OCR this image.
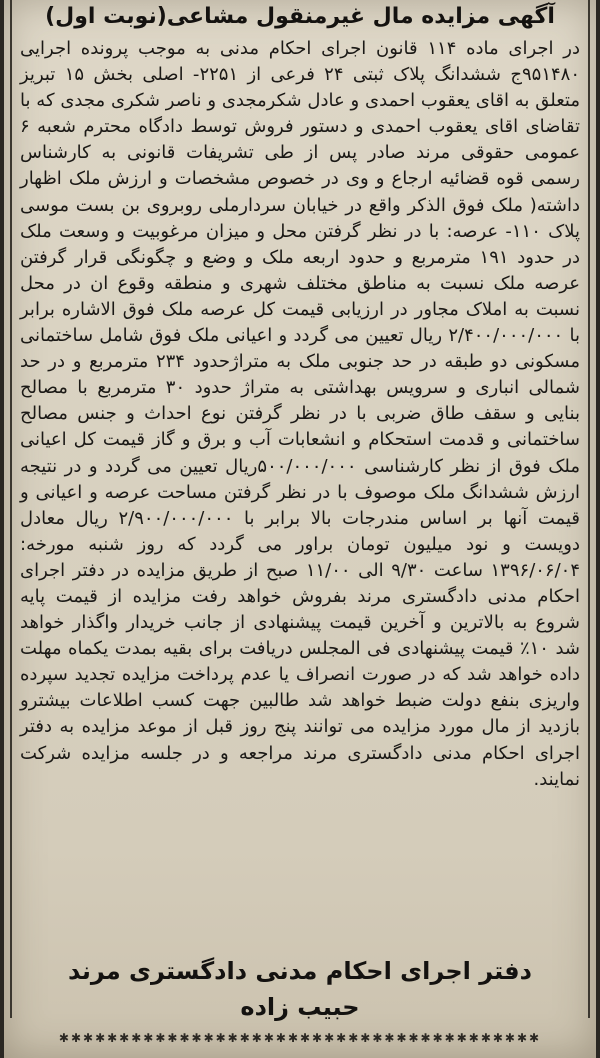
آگهی مزایده مال غیرمنقول مشاعی(نوبت اول)

در اجرای ماده ۱۱۴ قانون اجرای احکام مدنی به موجب پرونده اجرایی ۹۵۱۴۸۰ج ششدانگ پلاک ثبتی ۲۴ فرعی از ۲۲۵۱- اصلی بخش ۱۵ تبریز متعلق به اقای یعقوب احمدی و عادل شکرمجدی و ناصر شکری مجدی که با تقاضای اقای یعقوب احمدی و دستور فروش توسط دادگاه محترم شعبه ۶ عمومی حقوقی مرند صادر پس از طی تشریفات قانونی به کارشناس رسمی قوه قضائیه ارجاع و وی در خصوص مشخصات و ارزش ملک اظهار داشته( ملک فوق الذکر واقع در خیابان سردارملی روبروی بن بست موسی پلاک ۱۱۰- عرصه: با در نظر گرفتن محل و میزان مرغوبیت و وسعت ملک در حدود ۱۹۱ مترمربع و حدود اربعه ملک و وضع و چگونگی قرار گرفتن عرصه ملک نسبت به مناطق مختلف شهری و منطقه وقوع ان در محل نسبت به املاک مجاور در ارزیابی قیمت کل عرصه ملک فوق الاشاره برابر با ۲/۴۰۰/۰۰۰/۰۰۰ ریال تعیین می گردد و اعیانی ملک فوق شامل ساختمانی مسکونی دو طبقه در حد جنوبی ملک به متراژحدود ۲۳۴ مترمربع و در حد شمالی انباری و سرویس بهداشتی به متراژ حدود ۳۰ مترمربع با مصالح بنایی و سقف طاق ضربی با در نظر گرفتن نوع احداث و جنس مصالح ساختمانی و قدمت استحکام و انشعابات آب و برق و گاز قیمت کل اعیانی ملک فوق از نظر کارشناسی ۵۰۰/۰۰۰/۰۰۰ریال تعیین می گردد و در نتیجه ارزش ششدانگ ملک موصوف با در نظر گرفتن مساحت عرصه و اعیانی و قیمت آنها بر اساس مندرجات بالا برابر با ۲/۹۰۰/۰۰۰/۰۰۰ ریال معادل دویست و نود میلیون تومان براور می گردد که روز شنبه مورخه: ۱۳۹۶/۰۶/۰۴ ساعت ۹/۳۰ الی ۱۱/۰۰ صبح از طریق مزایده در دفتر اجرای احکام مدنی دادگستری مرند بفروش خواهد رفت مزایده از قیمت پایه شروع به بالاترین و آخرین قیمت پیشنهادی از جانب خریدار واگذار خواهد شد ۱۰٪ قیمت پیشنهادی فی المجلس دریافت برای بقیه بمدت یکماه مهلت داده خواهد شد که در صورت انصراف یا عدم پرداخت مزایده تجدید سپرده واریزی بنفع دولت ضبط خواهد شد طالبین جهت کسب اطلاعات بیشترو بازدید از مال مورد مزایده می توانند پنج روز قبل از موعد مزایده به دفتر اجرای احکام مدنی دادگستری مرند مراجعه و در جلسه مزایده شرکت نمایند.

دفتر اجرای احکام مدنی دادگستری مرند

حبیب زاده

✱✱✱✱✱✱✱✱✱✱✱✱✱✱✱✱✱✱✱✱✱✱✱✱✱✱✱✱✱✱✱✱✱✱✱✱✱✱✱✱
